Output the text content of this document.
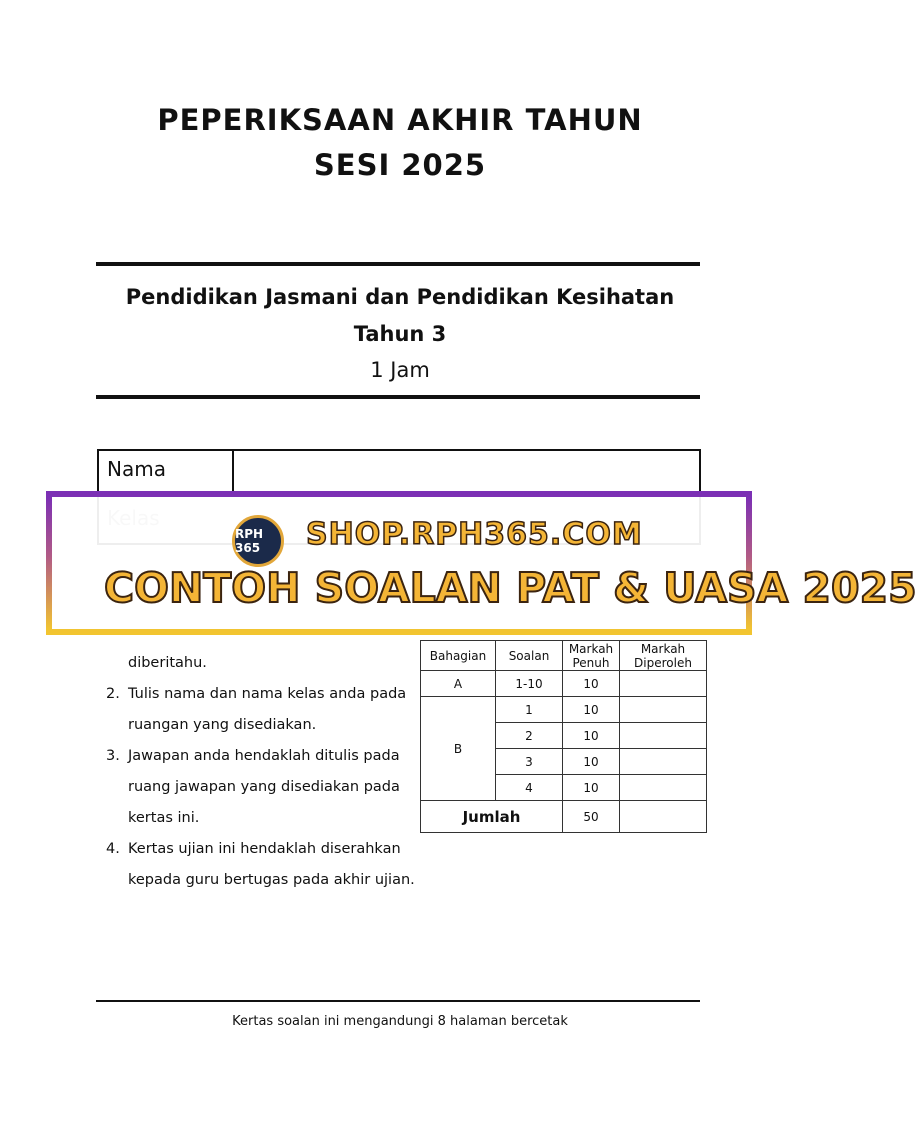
PEPERIKSAAN AKHIR TAHUN
SESI 2025
Pendidikan Jasmani dan Pendidikan Kesihatan
Tahun 3
1 Jam
Nama
RPH 365	SHOP.RPH365.COM
CONTOH SOALAN PAT & UASA 2025
diberitahu.
2. Tulis nama dan nama kelas anda pada
ruangan yang disediakan.
3. Jawapan anda hendaklah ditulis pada
ruang jawapan yang disediakan pada
kertas ini.
4. Kertas ujian ini hendaklah diserahkan
kepada guru bertugas pada akhir ujian.
Bahagian	Soalan	Markah Penuh	Markah Diperoleh
A	1-10	10	
B	1	10	
	2	10	
	3	10	
	4	10	
Jumlah		50	
Kertas soalan ini mengandungi 8 halaman bercetak
